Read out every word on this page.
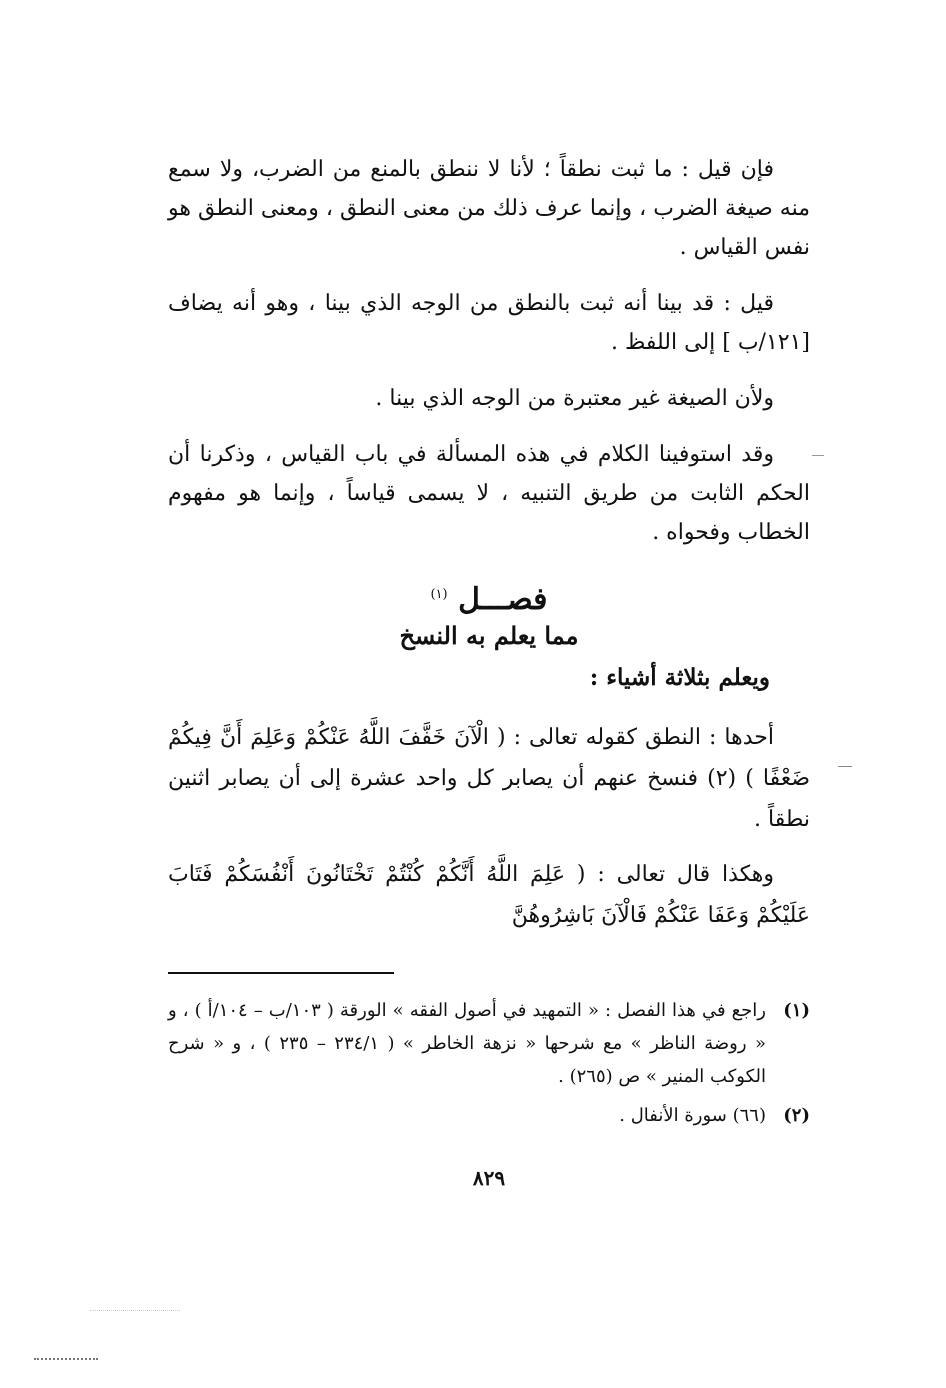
فإن قيل : ما ثبت نطقاً ؛ لأنا لا ننطق بالمنع من الضرب، ولا سمع منه صيغة الضرب ، وإنما عرف ذلك من معنى النطق ، ومعنى النطق هو نفس القياس .

قيل : قد بينا أنه ثبت بالنطق من الوجه الذي بينا ، وهو أنه يضاف [١٢١/ب ] إلى اللفظ .

ولأن الصيغة غير معتبرة من الوجه الذي بينا .

وقد استوفينا الكلام في هذه المسألة في باب القياس ، وذكرنا أن الحكم الثابت من طريق التنبيه ، لا يسمى قياساً ، وإنما هو مفهوم الخطاب وفحواه .

فصـــل $^{(١)}$
مما يعلم به النسخ
ويعلم بثلاثة أشياء :

أحدها : النطق كقوله تعالى : ( الْآنَ خَفَّفَ اللَّهُ عَنْكُمْ وَعَلِمَ أَنَّ فِيكُمْ ضَعْفًا ) (٢) فنسخ عنهم أن يصابر كل واحد عشرة إلى أن يصابر اثنين نطقاً .

وهكذا قال تعالى : ( عَلِمَ اللَّهُ أَنَّكُمْ كُنْتُمْ تَخْتَانُونَ أَنْفُسَكُمْ فَتَابَ عَلَيْكُمْ وَعَفَا عَنْكُمْ فَالْآنَ بَاشِرُوهُنَّ

(١)
راجع في هذا الفصل : « التمهيد في أصول الفقه » الورقة ( ١٠٣/ب – ١٠٤/أ ) ، و « روضة الناظر » مع شرحها « نزهة الخاطر » ( ٢٣٤/١ – ٢٣٥ ) ، و « شرح الكوكب المنير » ص (٢٦٥) .
(٢)
(٦٦) سورة الأنفال .
٨٢٩
